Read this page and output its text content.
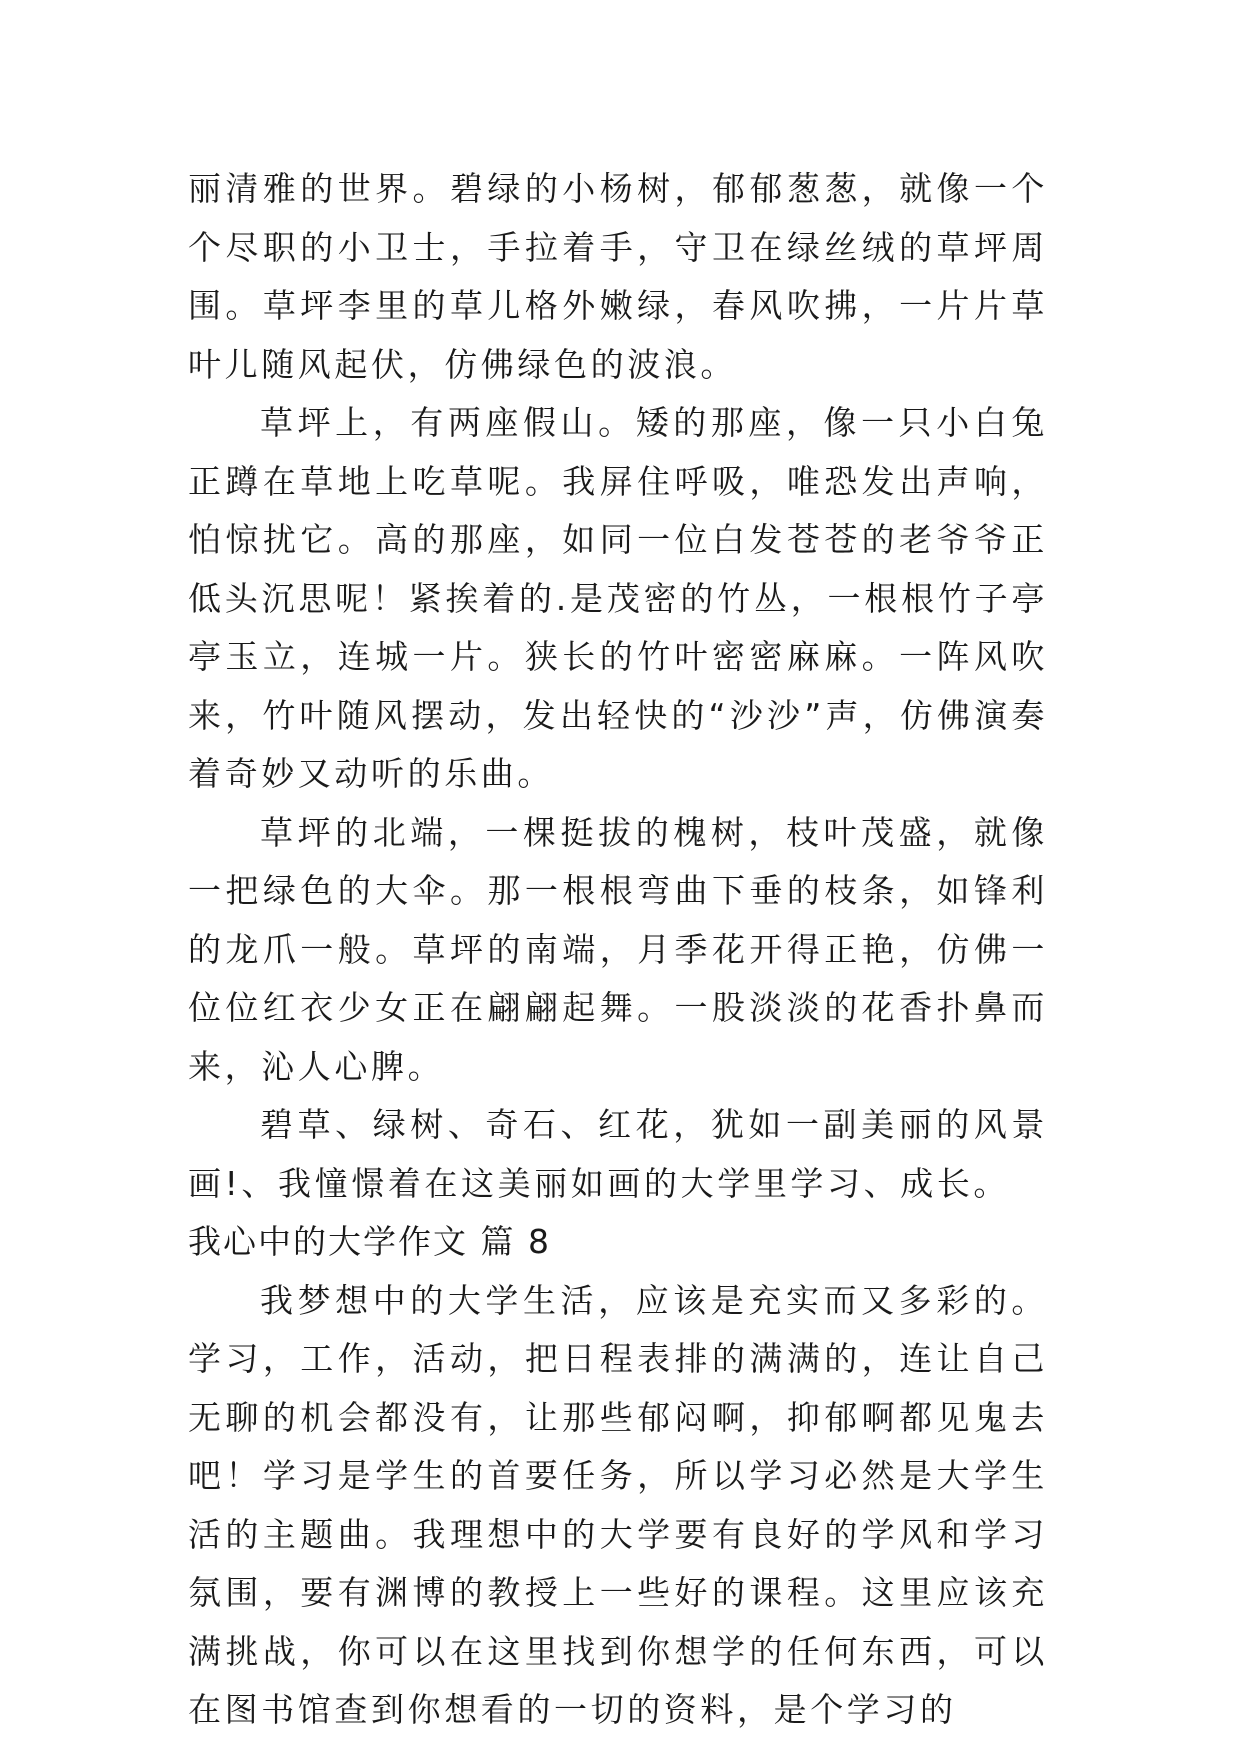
丽清雅的世界。碧绿的小杨树，郁郁葱葱，就像一个个尽职的小卫士，手拉着手，守卫在绿丝绒的草坪周围。草坪李里的草儿格外嫩绿，春风吹拂，一片片草叶儿随风起伏，仿佛绿色的波浪。

草坪上，有两座假山。矮的那座，像一只小白兔正蹲在草地上吃草呢。我屏住呼吸，唯恐发出声响，怕惊扰它。高的那座，如同一位白发苍苍的老爷爷正低头沉思呢！紧挨着的.是茂密的竹丛，一根根竹子亭亭玉立，连城一片。狭长的竹叶密密麻麻。一阵风吹来，竹叶随风摆动，发出轻快的“沙沙”声，仿佛演奏着奇妙又动听的乐曲。

草坪的北端，一棵挺拔的槐树，枝叶茂盛，就像一把绿色的大伞。那一根根弯曲下垂的枝条，如锋利的龙爪一般。草坪的南端，月季花开得正艳，仿佛一位位红衣少女正在翩翩起舞。一股淡淡的花香扑鼻而来，沁人心脾。

碧草、绿树、奇石、红花，犹如一副美丽的风景画!、我憧憬着在这美丽如画的大学里学习、成长。

我心中的大学作文 篇 8

我梦想中的大学生活，应该是充实而又多彩的。学习，工作，活动，把日程表排的满满的，连让自己无聊的机会都没有，让那些郁闷啊，抑郁啊都见鬼去吧！学习是学生的首要任务，所以学习必然是大学生活的主题曲。我理想中的大学要有良好的学风和学习氛围，要有渊博的教授上一些好的课程。这里应该充满挑战，你可以在这里找到你想学的任何东西，可以在图书馆查到你想看的一切的资料，是个学习的
